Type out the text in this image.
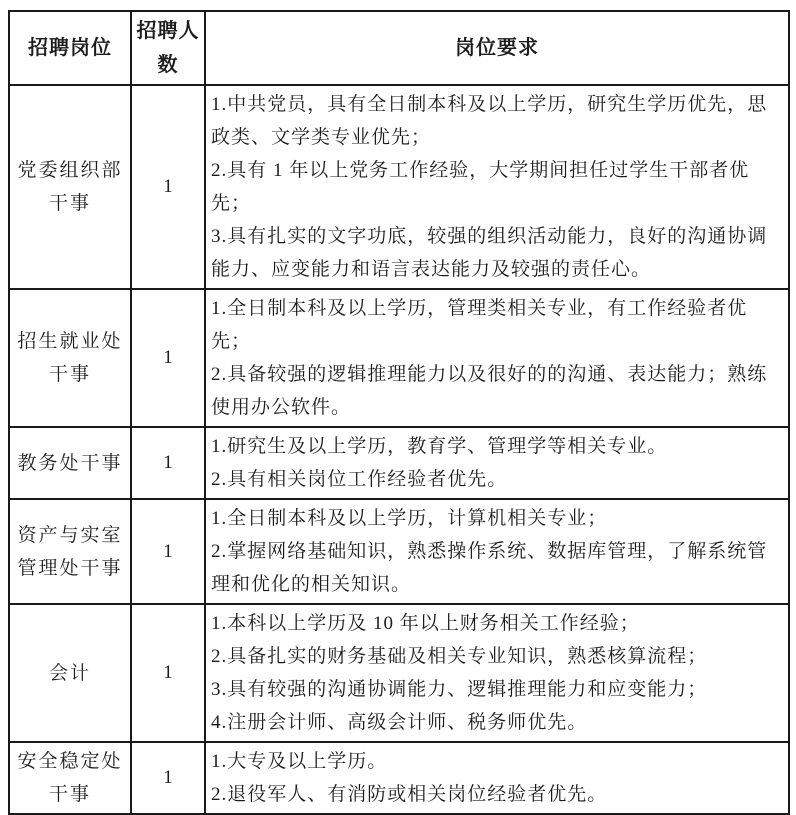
招聘岗位	招聘人数	岗位要求
党委组织部干事	1	1.中共党员，具有全日制本科及以上学历，研究生学历优先，思政类、文学类专业优先；

2.具有 1 年以上党务工作经验，大学期间担任过学生干部者优先；

3.具有扎实的文字功底，较强的组织活动能力，良好的沟通协调能力、应变能力和语言表达能力及较强的责任心。

招生就业处干事	1	1.全日制本科及以上学历，管理类相关专业，有工作经验者优先；

2.具备较强的逻辑推理能力以及很好的的沟通、表达能力；熟练使用办公软件。

教务处干事	1	1.研究生及以上学历，教育学、管理学等相关专业。

2.具有相关岗位工作经验者优先。

资产与实室管理处干事	1	1.全日制本科及以上学历，计算机相关专业；

2.掌握网络基础知识，熟悉操作系统、数据库管理，了解系统管理和优化的相关知识。

会计	1	1.本科以上学历及 10 年以上财务相关工作经验；

2.具备扎实的财务基础及相关专业知识，熟悉核算流程；

3.具有较强的沟通协调能力、逻辑推理能力和应变能力；

4.注册会计师、高级会计师、税务师优先。

安全稳定处干事	1	1.大专及以上学历。

2.退役军人、有消防或相关岗位经验者优先。
